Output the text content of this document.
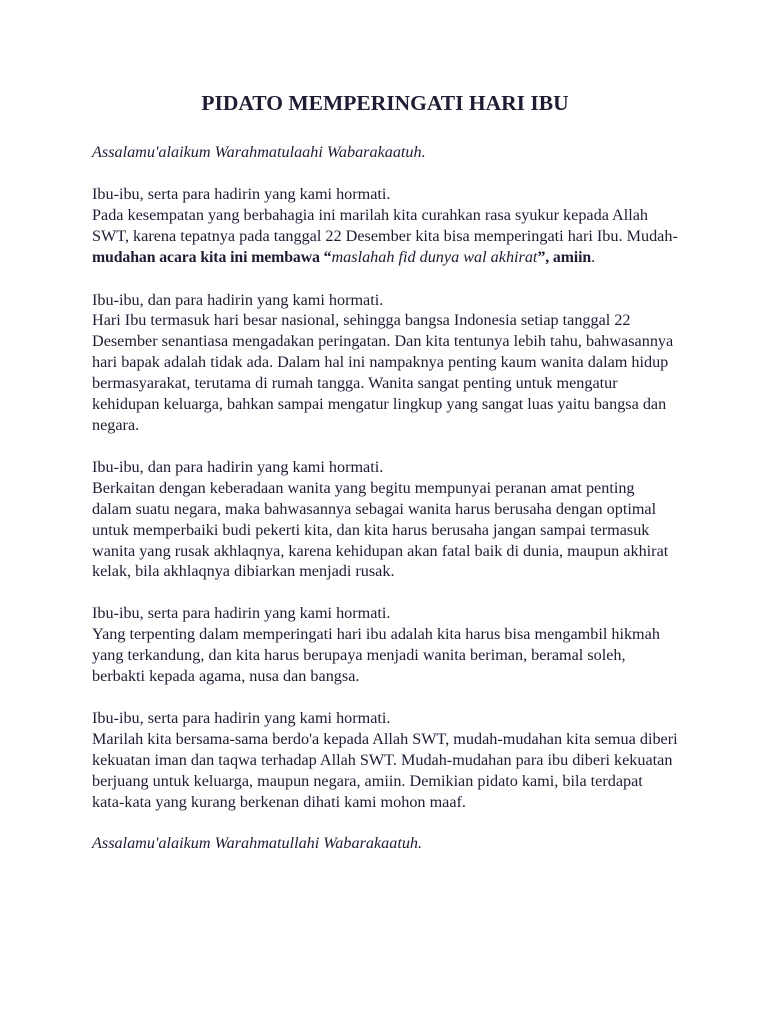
PIDATO MEMPERINGATI HARI IBU

Assalamu'alaikum Warahmatulaahi Wabarakaatuh.

Ibu-ibu, serta para hadirin yang kami hormati.

Pada kesempatan yang berbahagia ini marilah kita curahkan rasa syukur kepada Allah SWT, karena tepatnya pada tanggal 22 Desember kita bisa memperingati hari Ibu. Mudah- mudahan acara kita ini membawa “maslahah fid dunya wal akhirat”, amiin.

Ibu-ibu, dan para hadirin yang kami hormati.

Hari Ibu termasuk hari besar nasional, sehingga bangsa Indonesia setiap tanggal 22 Desember senantiasa mengadakan peringatan. Dan kita tentunya lebih tahu, bahwasannya hari bapak adalah tidak ada. Dalam hal ini nampaknya penting kaum wanita dalam hidup bermasyarakat, terutama di rumah tangga. Wanita sangat penting untuk mengatur kehidupan keluarga, bahkan sampai mengatur lingkup yang sangat luas yaitu bangsa dan negara.

Ibu-ibu, dan para hadirin yang kami hormati.

Berkaitan dengan keberadaan wanita yang begitu mempunyai peranan amat penting dalam suatu negara, maka bahwasannya sebagai wanita harus berusaha dengan optimal untuk memperbaiki budi pekerti kita, dan kita harus berusaha jangan sampai termasuk wanita yang rusak akhlaqnya, karena kehidupan akan fatal baik di dunia, maupun akhirat kelak, bila akhlaqnya dibiarkan menjadi rusak.

Ibu-ibu, serta para hadirin yang kami hormati.

Yang terpenting dalam memperingati hari ibu adalah kita harus bisa mengambil hikmah yang terkandung, dan kita harus berupaya menjadi wanita beriman, beramal soleh, berbakti kepada agama, nusa dan bangsa.

Ibu-ibu, serta para hadirin yang kami hormati.

Marilah kita bersama-sama berdo'a kepada Allah SWT, mudah-mudahan kita semua diberi kekuatan iman dan taqwa terhadap Allah SWT. Mudah-mudahan para ibu diberi kekuatan berjuang untuk keluarga, maupun negara, amiin. Demikian pidato kami, bila terdapat kata-kata yang kurang berkenan dihati kami mohon maaf.

Assalamu'alaikum Warahmatullahi Wabarakaatuh.
